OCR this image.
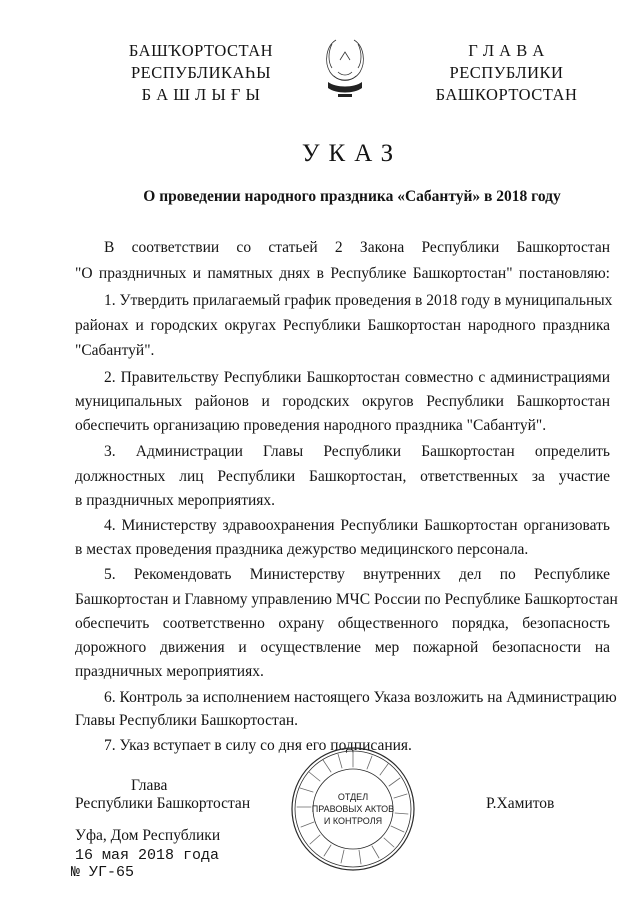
БАШҠОРТОСТАН
РЕСПУБЛИКАҺЫ
Б А Ш Л Ы Ғ Ы
Г Л А В А
РЕСПУБЛИКИ
БАШКОРТОСТАН
УКАЗ
О проведении народного праздника «Сабантуй» в 2018 году
В соответствии со статьей 2 Закона Республики Башкортостан
"О праздничных и памятных днях в Республике Башкортостан" постановляю:
1. Утвердить прилагаемый график проведения в 2018 году в муниципальных
районах и городских округах Республики Башкортостан народного праздника
"Сабантуй".
2. Правительству Республики Башкортостан совместно с администрациями
муниципальных районов и городских округов Республики Башкортостан
обеспечить организацию проведения народного праздника "Сабантуй".
3. Администрации Главы Республики Башкортостан определить
должностных лиц Республики Башкортостан, ответственных за участие
в праздничных мероприятиях.
4. Министерству здравоохранения Республики Башкортостан организовать
в местах проведения праздника дежурство медицинского персонала.
5. Рекомендовать Министерству внутренних дел по Республике
Башкортостан и Главному управлению МЧС России по Республике Башкортостан
обеспечить соответственно охрану общественного порядка, безопасность
дорожного движения и осуществление мер пожарной безопасности на
праздничных мероприятиях.
6. Контроль за исполнением настоящего Указа возложить на Администрацию
Главы Республики Башкортостан.
7. Указ вступает в силу со дня его подписания.
Глава
Республики Башкортостан	Р.Хамитов
Уфа, Дом Республики
16 мая 2018 года
№ УГ-65
ОТДЕЛ
ПРАВОВЫХ АКТОВ
И КОНТРОЛЯ
